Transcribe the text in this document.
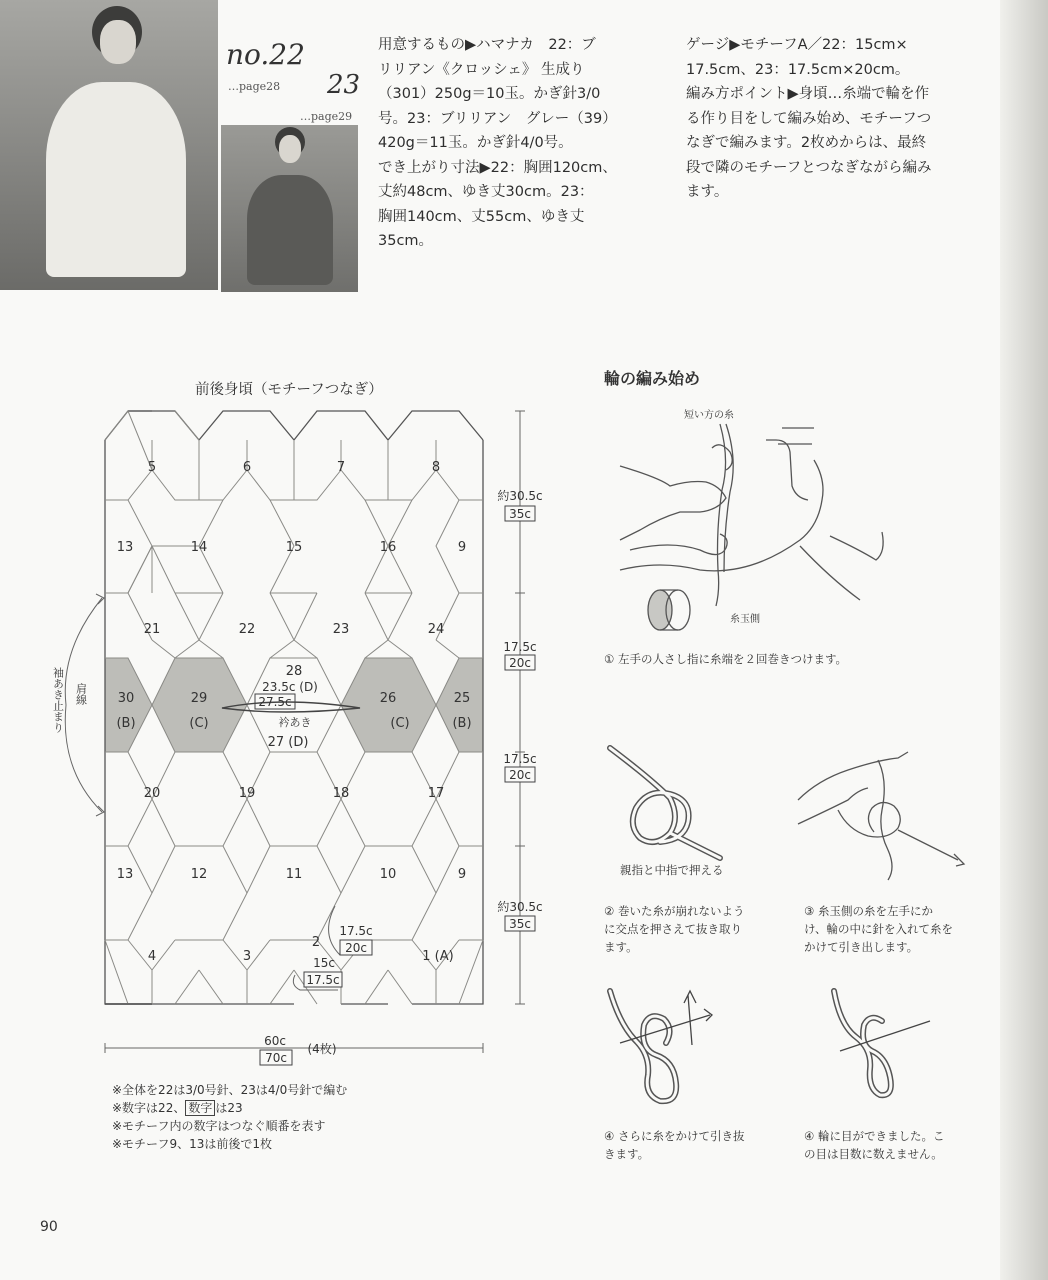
no.22
…page28 23
…page29
用意するもの▶ハマナカ　22：ブ
リリアン《クロッシェ》 生成り
（301）250g＝10玉。かぎ針3/0
号。23：ブリリアン　グレー（39）
420g＝11玉。かぎ針4/0号。
でき上がり寸法▶22：胸囲120cm、
丈約48cm、ゆき丈30cm。23：
胸囲140cm、丈55cm、ゆき丈
35cm。
ゲージ▶モチーフA／22：15cm×
17.5cm、23：17.5cm×20cm。
編み方ポイント▶身頃…糸端で輪を作
る作り目をして編み始め、モチーフつ
なぎで編みます。2枚めからは、最終
段で隣のモチーフとつなぎながら編み
ます。
前後身頃（モチーフつなぎ）
5	6	7	8
13	14	15	16	9
21	22	23	24
30
(B)
29
(C)
28
26
(C)
25
(B)
27 (D)
20	19	18	17
13	12	11	10	9
4	3
2
1 (A)
23.5c (D)
27.5c
衿あき
約30.5c
35c
17.5c
20c
17.5c
20c
約30.5c
35c
17.5c
20c
15c
17.5c
60c
70c
(4枚)
袖あき止まり 肩線
※全体を22は3/0号針、23は4/0号針で編む
※数字は22、 数字 は23
※モチーフ内の数字はつなぐ順番を表す
※モチーフ9、13は前後で1枚
輪の編み始め
短い方の糸
糸玉側
① 左手の人さし指に糸端を２回巻きつけます。
親指と中指で押える
② 巻いた糸が崩れないよう
に交点を押さえて抜き取り
ます。
③ 糸玉側の糸を左手にか
け、輪の中に針を入れて糸を
かけて引き出します。
④ さらに糸をかけて引き抜
きます。
④ 輪に目ができました。こ
の目は目数に数えません。
90
